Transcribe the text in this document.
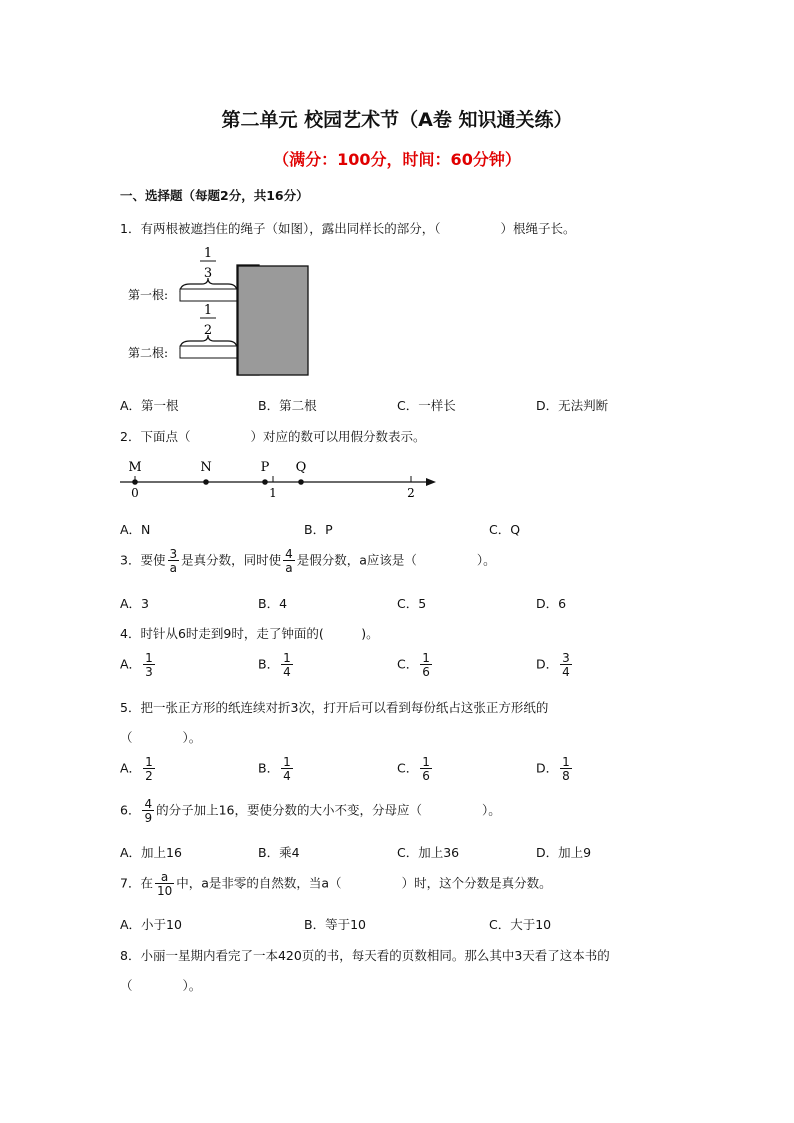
第二单元 校园艺术节（A卷 知识通关练）
（满分：100分，时间：60分钟）
一、选择题（每题2分，共16分）
1．有两根被遮挡住的绳子（如图），露出同样长的部分，（	）根绳子长。
1
3
第一根:
1
2
第二根:
A．第一根	B．第二根	C．一样长	D．无法判断
2．下面点（	）对应的数可以用假分数表示。
0	1	2
M	N	P Q
A．N	B．P	C．Q
3．要使 $\frac{3}{a}$ 是真分数，同时使 $\frac{4}{a}$ 是假分数，a应该是（	）。
A．3	B．4	C．5	D．6
4．时针从6时走到9时，走了钟面的(　　　)。
A． $\frac{1}{3}$	B． $\frac{1}{4}$	C． $\frac{1}{6}$	D． $\frac{3}{4}$
5．把一张正方形的纸连续对折3次，打开后可以看到每份纸占这张正方形纸的
（　　　　）。
A． $\frac{1}{2}$	B． $\frac{1}{4}$	C． $\frac{1}{6}$	D． $\frac{1}{8}$
6． $\frac{4}{9}$ 的分子加上16，要使分数的大小不变，分母应（	）。
A．加上16	B．乘4	C．加上36	D．加上9
7．在 $\frac{a}{10}$ 中，a是非零的自然数，当a（	）时，这个分数是真分数。
A．小于10	B．等于10	C．大于10
8．小丽一星期内看完了一本420页的书，每天看的页数相同。那么其中3天看了这本书的
（　　　　）。
